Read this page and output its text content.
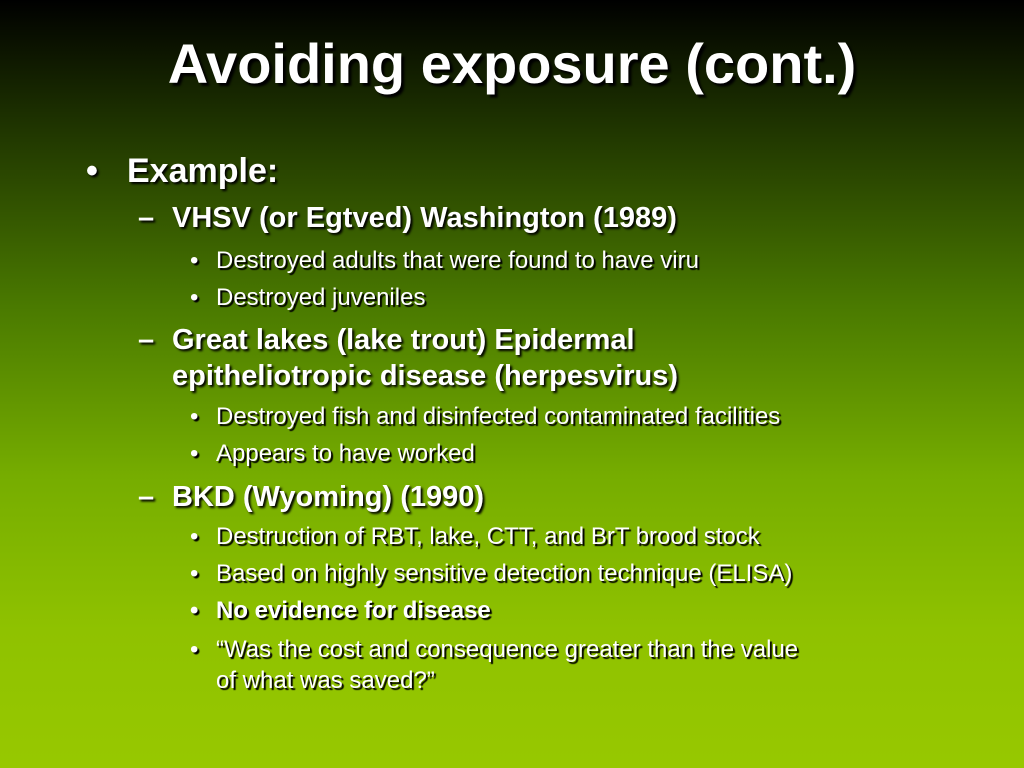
Avoiding exposure (cont.)
• Example:
– VHSV (or Egtved) Washington (1989)
• Destroyed adults that were found to have viru
• Destroyed juveniles
– Great lakes (lake trout) Epidermal
epitheliotropic disease (herpesvirus)
• Destroyed fish and disinfected contaminated facilities
• Appears to have worked
– BKD (Wyoming) (1990)
• Destruction of RBT, lake, CTT, and BrT brood stock
• Based on highly sensitive detection technique (ELISA)
• No evidence for disease
• “Was the cost and consequence greater than the value
of what was saved?”
